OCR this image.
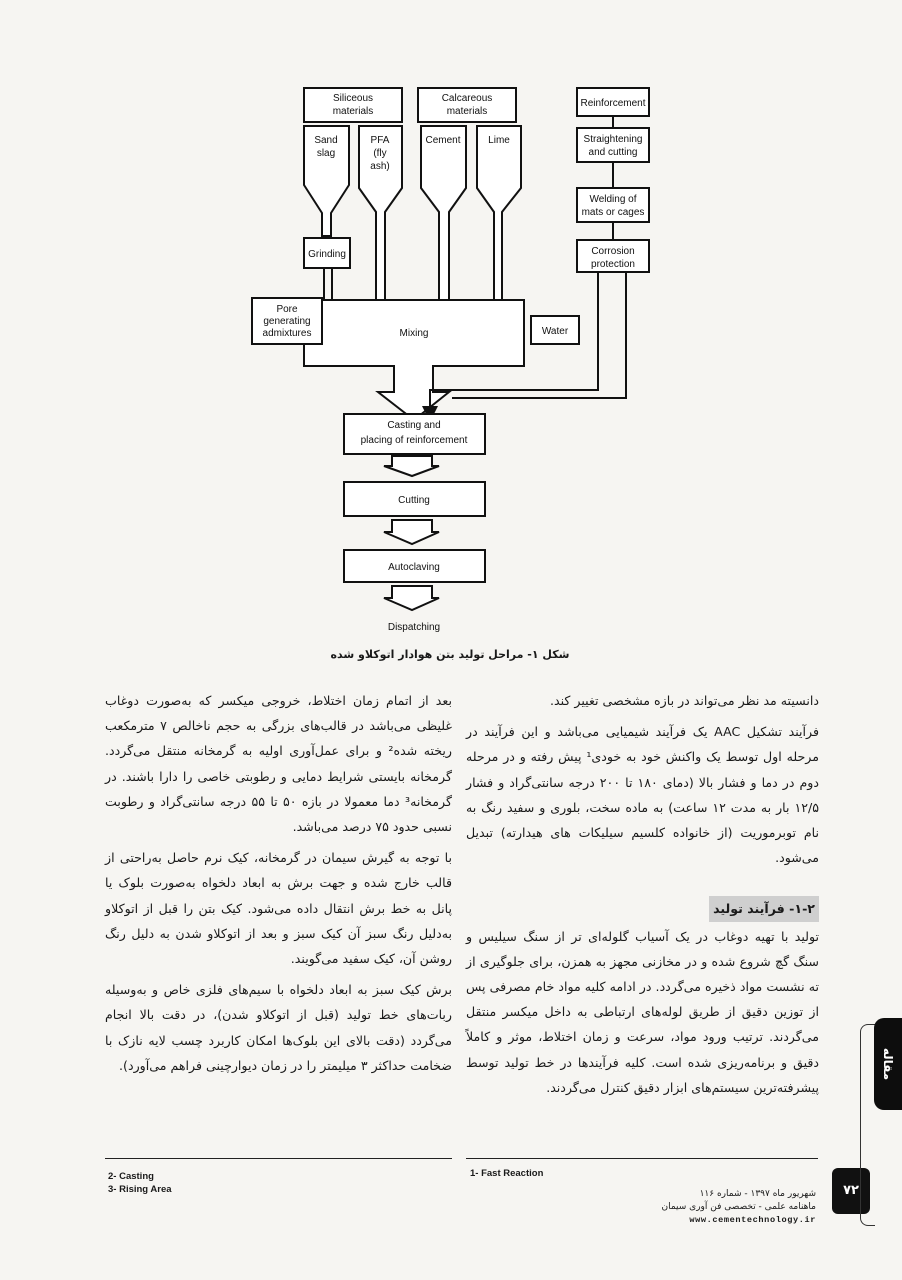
Siliceous
materials
Calcareous
materials
Reinforcement
Sand
slag
PFA
(fly
ash)
Cement	Lime	Straightening
and cutting
Welding of
mats or cages
Corrosion
protection
Grinding
Pore
generating
admixtures	Mixing	Water
Casting and
placing of reinforcement
Cutting
Autoclaving
Dispatching
شکل ۱- مراحل تولید بتن هوادار اتوکلاو شده

دانسیته مد نظر می‌تواند در بازه مشخصی تغییر کند.

فرآیند تشکیل AAC یک فرآیند شیمیایی می‌باشد و این فرآیند در مرحله اول توسط یک واکنش خود به خودی¹ پیش رفته و در مرحله دوم در دما و فشار بالا (دمای ۱۸۰ تا ۲۰۰ درجه سانتی‌گراد و فشار ۱۲/۵ بار به مدت ۱۲ ساعت) به ماده سخت، بلوری و سفید رنگ به نام توبرموریت (از خانواده کلسیم سیلیکات های هیدارته) تبدیل می‌شود.

۱-۲- فرآیند تولید

تولید با تهیه دوغاب در یک آسیاب گلوله‌ای تر از سنگ سیلیس و سنگ گچ شروع شده و در مخازنی مجهز به همزن، برای جلوگیری از ته نشست مواد ذخیره می‌گردد. در ادامه کلیه مواد خام مصرفی پس از توزین دقیق از طریق لوله‌های ارتباطی به داخل میکسر منتقل می‌گردند. ترتیب ورود مواد، سرعت و زمان اختلاط، موثر و کاملاً دقیق و برنامه‌ریزی شده است. کلیه فرآیندها در خط تولید توسط پیشرفته‌ترین سیستم‌های ابزار دقیق کنترل می‌گردند.

بعد از اتمام زمان اختلاط، خروجی میکسر که به‌صورت دوغاب غلیظی می‌باشد در قالب‌های بزرگی به حجم ناخالص ۷ مترمکعب ریخته شده² و برای عمل‌آوری اولیه به گرمخانه منتقل می‌گردد. گرمخانه بایستی شرایط دمایی و رطوبتی خاصی را دارا باشند. در گرمخانه³ دما معمولا در بازه ۵۰ تا ۵۵ درجه سانتی‌گراد و رطوبت نسبی حدود ۷۵ درصد می‌باشد.

با توجه به گیرش سیمان در گرمخانه، کیک نرم حاصل به‌راحتی از قالب خارج شده و جهت برش به ابعاد دلخواه به‌صورت بلوک یا پانل به خط برش انتقال داده می‌شود. کیک بتن را قبل از اتوکلاو به‌دلیل رنگ سبز آن کیک سبز و بعد از اتوکلاو شدن به دلیل رنگ روشن آن، کیک سفید می‌گویند.

برش کیک سبز به ابعاد دلخواه با سیم‌های فلزی خاص و به‌وسیله ربات‌های خط تولید (قبل از اتوکلاو شدن)، در دقت بالا انجام می‌گردد (دقت بالای این بلوک‌ها امکان کاربرد چسب لایه نازک با ضخامت حداکثر ۳ میلیمتر را در زمان دیوارچینی فراهم می‌آورد).

1- Fast Reaction
2- Casting
3- Rising Area	شهریور ماه ۱۳۹۷ - شماره ۱۱۶
ماهنامه علمی - تخصصی فن آوری سیمان
www.cementechnology.ir
۷۲
مقاله
